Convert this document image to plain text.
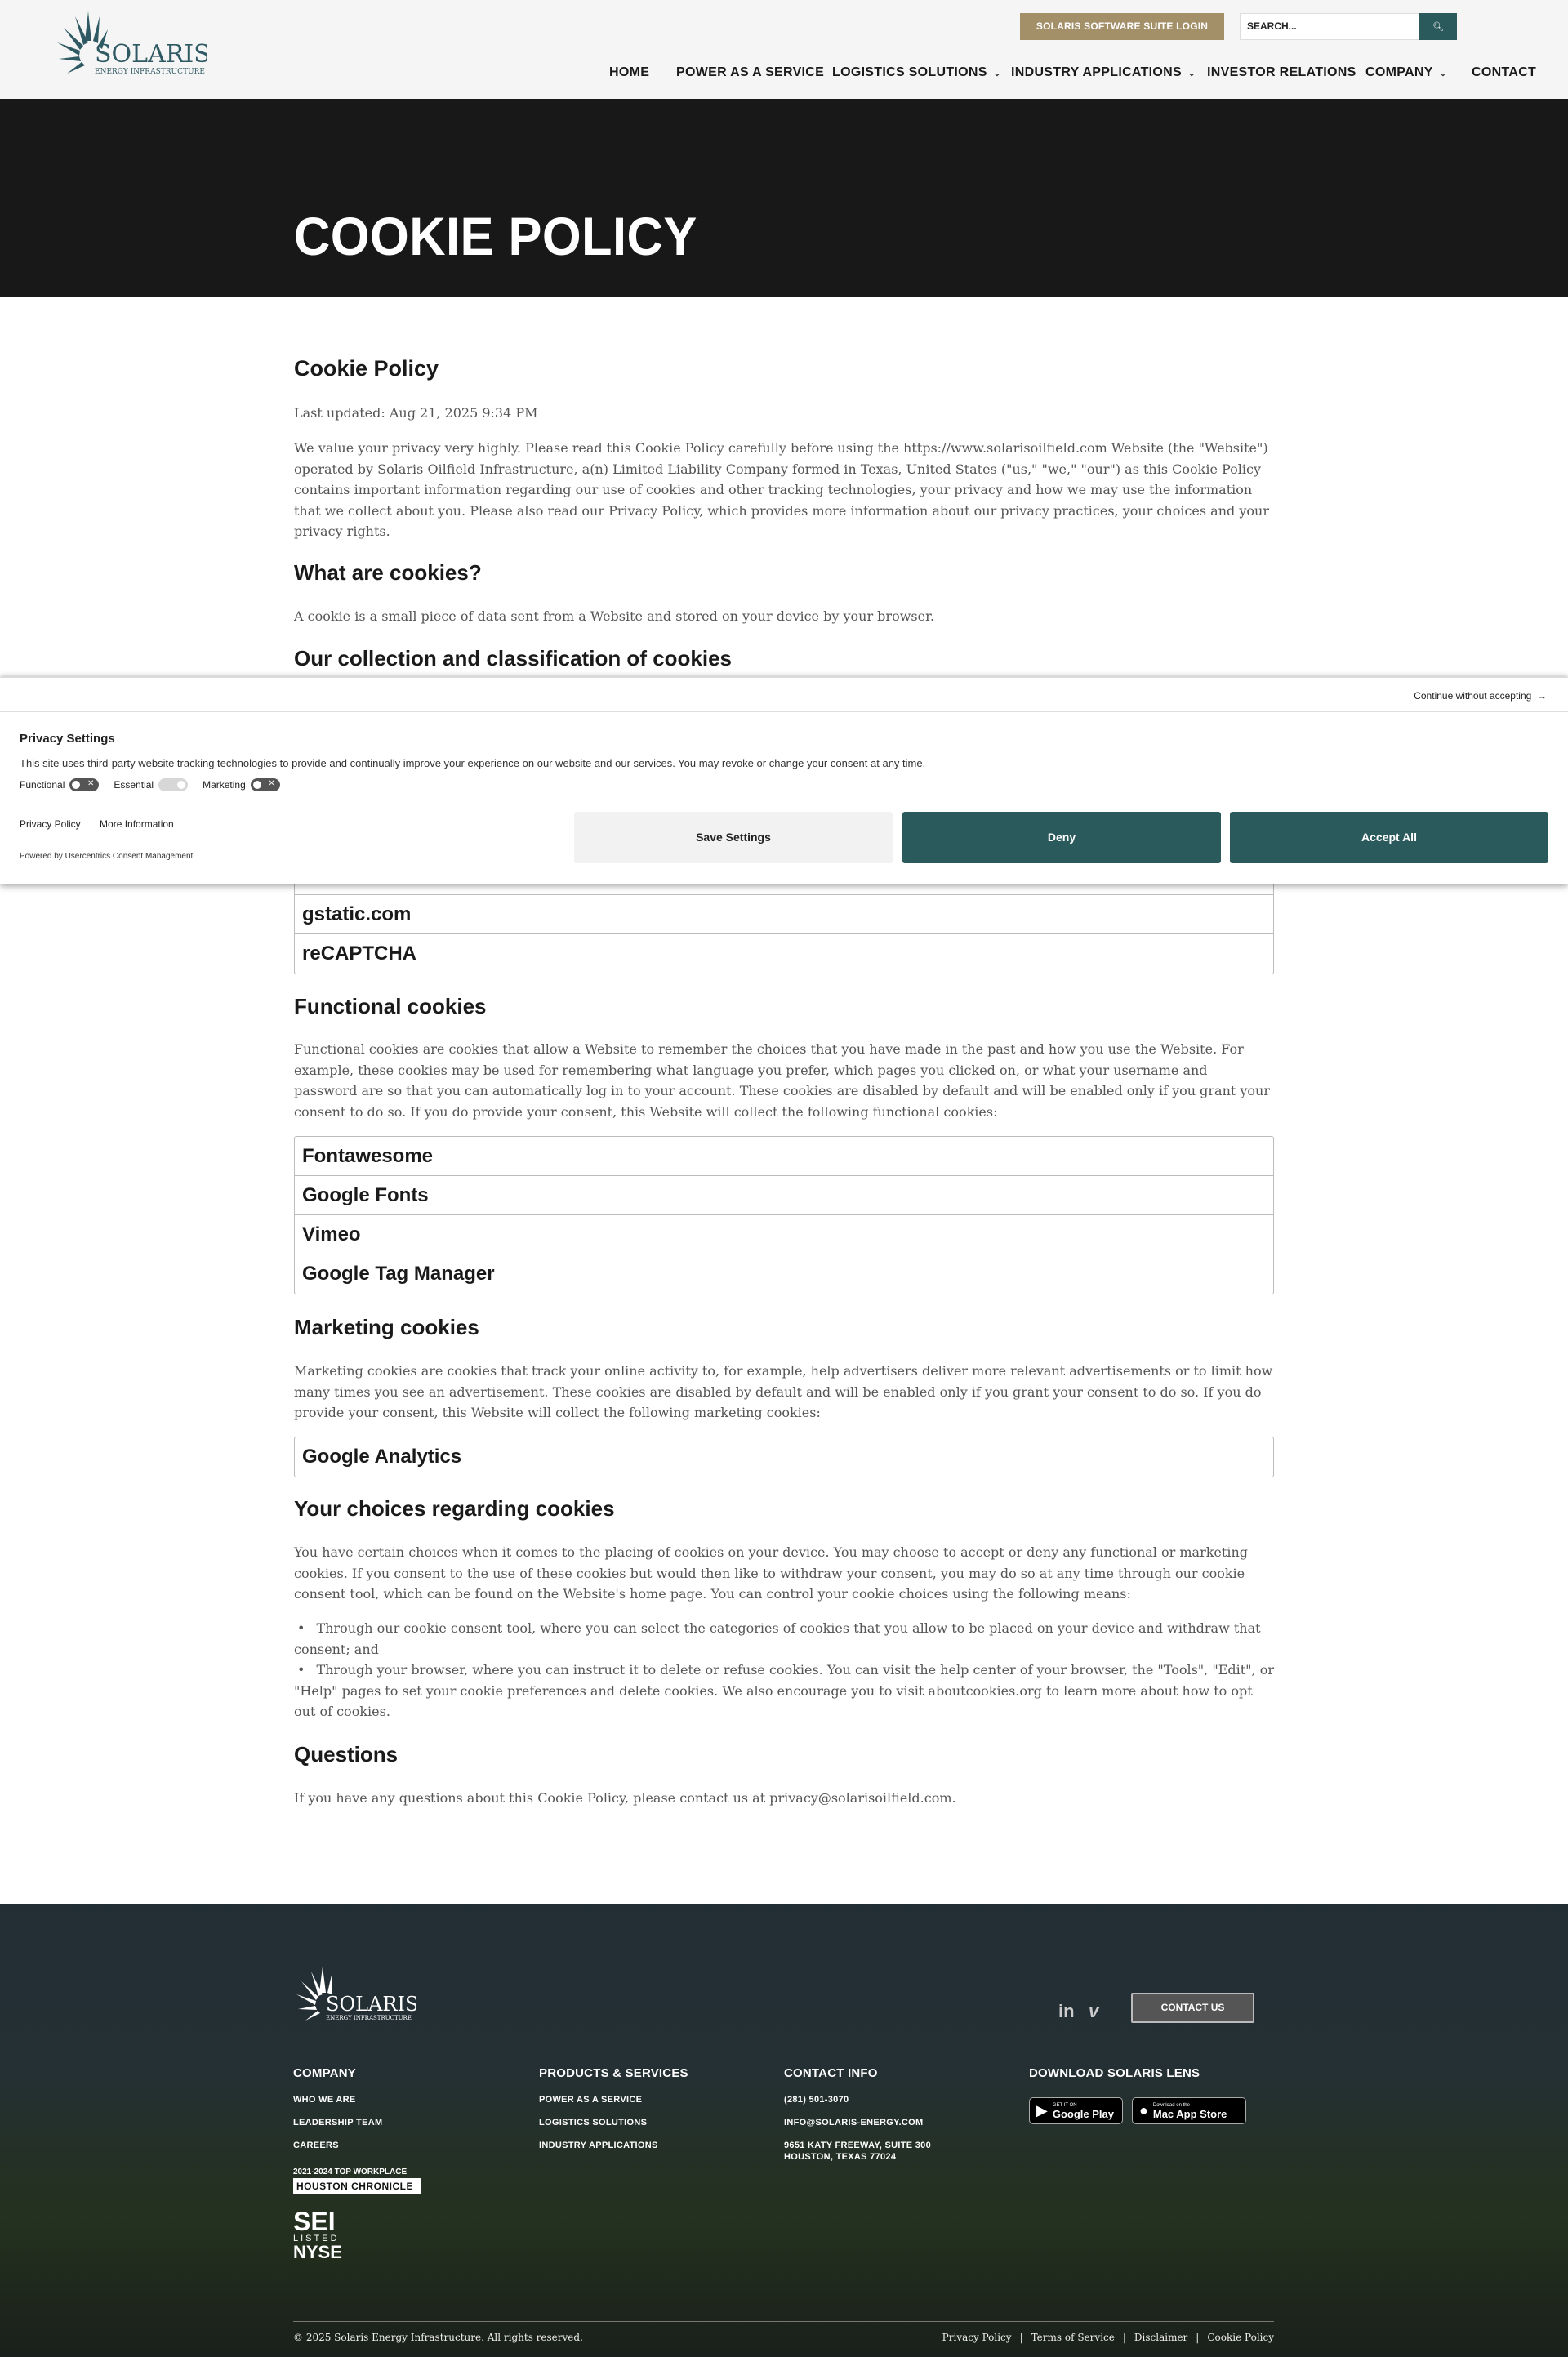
SOLARIS
ENERGY INFRASTRUCTURE
SOLARIS SOFTWARE SUITE LOGIN	SEARCH...	🔍︎
HOME POWER AS A SERVICE LOGISTICS SOLUTIONS ⌄ INDUSTRY APPLICATIONS ⌄ INVESTOR RELATIONS COMPANY ⌄ CONTACT
COOKIE POLICY
Cookie Policy
Last updated: Aug 21, 2025 9:34 PM
We value your privacy very highly. Please read this Cookie Policy carefully before using the https://www.solarisoilfield.com Website (the "Website") operated by Solaris Oilfield Infrastructure, a(n) Limited Liability Company formed in Texas, United States ("us," "we," "our") as this Cookie Policy contains important information regarding our use of cookies and other tracking technologies, your privacy and how we may use the information that we collect about you. Please also read our Privacy Policy, which provides more information about our privacy practices, your choices and your privacy rights.
What are cookies?
A cookie is a small piece of data sent from a Website and stored on your device by your browser.
Our collection and classification of cookies
gstatic.com
reCAPTCHA
Functional cookies
Functional cookies are cookies that allow a Website to remember the choices that you have made in the past and how you use the Website. For example, these cookies may be used for remembering what language you prefer, which pages you clicked on, or what your username and password are so that you can automatically log in to your account. These cookies are disabled by default and will be enabled only if you grant your consent to do so. If you do provide your consent, this Website will collect the following functional cookies:
Fontawesome
Google Fonts
Vimeo
Google Tag Manager
Marketing cookies
Marketing cookies are cookies that track your online activity to, for example, help advertisers deliver more relevant advertisements or to limit how many times you see an advertisement. These cookies are disabled by default and will be enabled only if you grant your consent to do so. If you do provide your consent, this Website will collect the following marketing cookies:
Google Analytics
Your choices regarding cookies
You have certain choices when it comes to the placing of cookies on your device. You may choose to accept or deny any functional or marketing cookies. If you consent to the use of these cookies but would then like to withdraw your consent, you may do so at any time through our cookie consent tool, which can be found on the Website's home page. You can control your cookie choices using the following means:
• Through our cookie consent tool, where you can select the categories of cookies that you allow to be placed on your device and withdraw that consent; and
• Through your browser, where you can instruct it to delete or refuse cookies. You can visit the help center of your browser, the "Tools", "Edit", or "Help" pages to set your cookie preferences and delete cookies. We also encourage you to visit aboutcookies.org to learn more about how to opt out of cookies.
Questions
If you have any questions about this Cookie Policy, please contact us at privacy@solarisoilfield.com.
Continue without accepting  →
Privacy Settings
This site uses third-party website tracking technologies to provide and continually improve your experience on our website and our services. You may revoke or change your consent at any time.
Functional	✕ Essential	Marketing	✕
Privacy Policy More Information
Powered by Usercentrics Consent Management
Save Settings	Deny	Accept All
SOLARIS
ENERGY INFRASTRUCTURE	in v	CONTACT US
COMPANY
WHO WE ARE
LEADERSHIP TEAM
CAREERS
2021-2024 TOP WORKPLACE
HOUSTON CHRONICLE
SEI
LISTED
NYSE
PRODUCTS & SERVICES
POWER AS A SERVICE
LOGISTICS SOLUTIONS
INDUSTRY APPLICATIONS
CONTACT INFO
(281) 501-3070
INFO@SOLARIS-ENERGY.COM
9651 KATY FREEWAY, SUITE 300
HOUSTON, TEXAS 77024
DOWNLOAD SOLARIS LENS
▶ GET IT ON
Google Play ● Download on the
Mac App Store
© 2025 Solaris Energy Infrastructure. All rights reserved.	Privacy Policy | Terms of Service | Disclaimer | Cookie Policy
